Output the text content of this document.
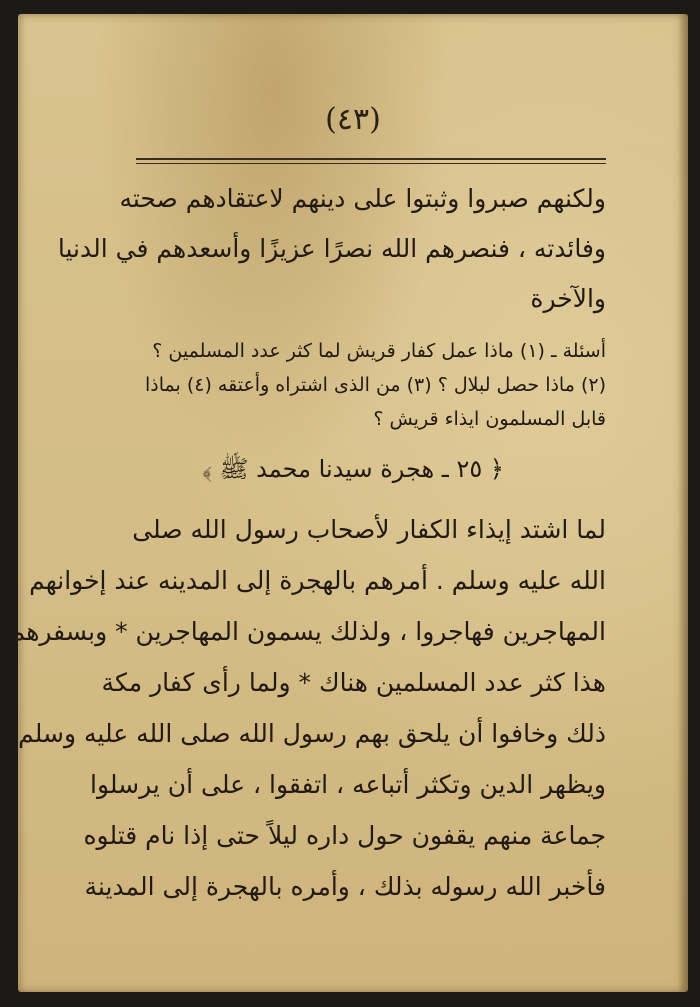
(٤٣)
ولكنهم صبروا وثبتوا على دينهم لاعتقادهم صحته
وفائدته ، فنصرهم الله نصرًا عزيزًا وأسعدهم في الدنيا
والآخرة
أسئلة ـ (١) ماذا عمل كفار قريش لما كثر عدد المسلمين ؟
(٢) ماذا حصل لبلال ؟ (٣) من الذى اشتراه وأعتقه (٤) بماذا
قابل المسلمون ايذاء قريش ؟
﴿ ٢٥ ـ هجرة سيدنا محمد ﷺ ﴾
لما اشتد إيذاء الكفار لأصحاب رسول الله صلى
الله عليه وسلم . أمرهم بالهجرة إلى المدينه عند إخوانهم
المهاجرين فهاجروا ، ولذلك يسمون المهاجرين * وبسفرهم
هذا كثر عدد المسلمين هناك * ولما رأى كفار مكة
ذلك وخافوا أن يلحق بهم رسول الله صلى الله عليه وسلم
ويظهر الدين وتكثر أتباعه ، اتفقوا ، على أن يرسلوا
جماعة منهم يقفون حول داره ليلاً حتى إذا نام قتلوه
فأخبر الله رسوله بذلك ، وأمره بالهجرة إلى المدينة
